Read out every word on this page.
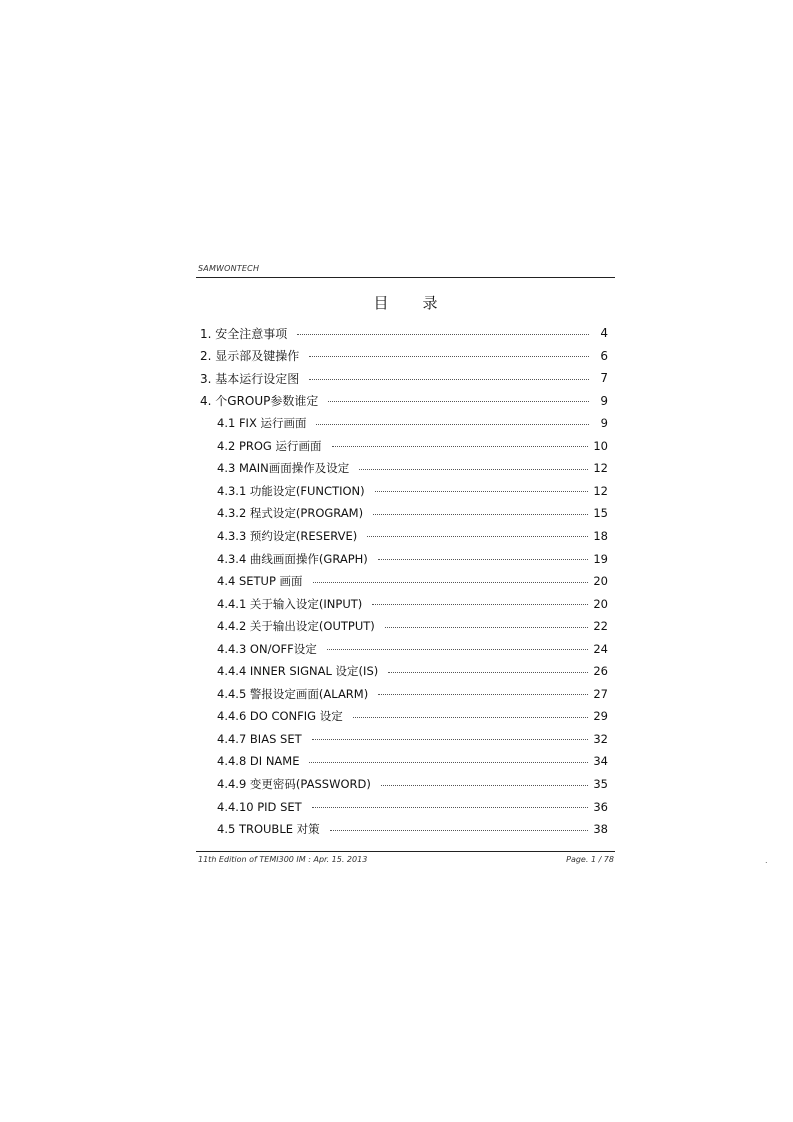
SAMWONTECH
目 录
1. 安全注意事项	4
2. 显示部及键操作	6
3. 基本运行设定图	7
4. 个GROUP参数谁定	9
4.1 FIX 运行画面	9
4.2 PROG 运行画面	10
4.3 MAIN画面操作及设定	12
4.3.1 功能设定(FUNCTION)	12
4.3.2 程式设定(PROGRAM)	15
4.3.3 预约设定(RESERVE)	18
4.3.4 曲线画面操作(GRAPH)	19
4.4 SETUP 画面	20
4.4.1 关于输入设定(INPUT)	20
4.4.2 关于输出设定(OUTPUT)	22
4.4.3 ON/OFF设定	24
4.4.4 INNER SIGNAL 设定(IS)	26
4.4.5 警报设定画面(ALARM)	27
4.4.6 DO CONFIG 设定	29
4.4.7 BIAS SET	32
4.4.8 DI NAME	34
4.4.9 变更密码(PASSWORD)	35
4.4.10 PID SET	36
4.5 TROUBLE 对策	38
11th Edition of TEMI300 IM : Apr. 15. 2013	Page. 1 / 78	.
